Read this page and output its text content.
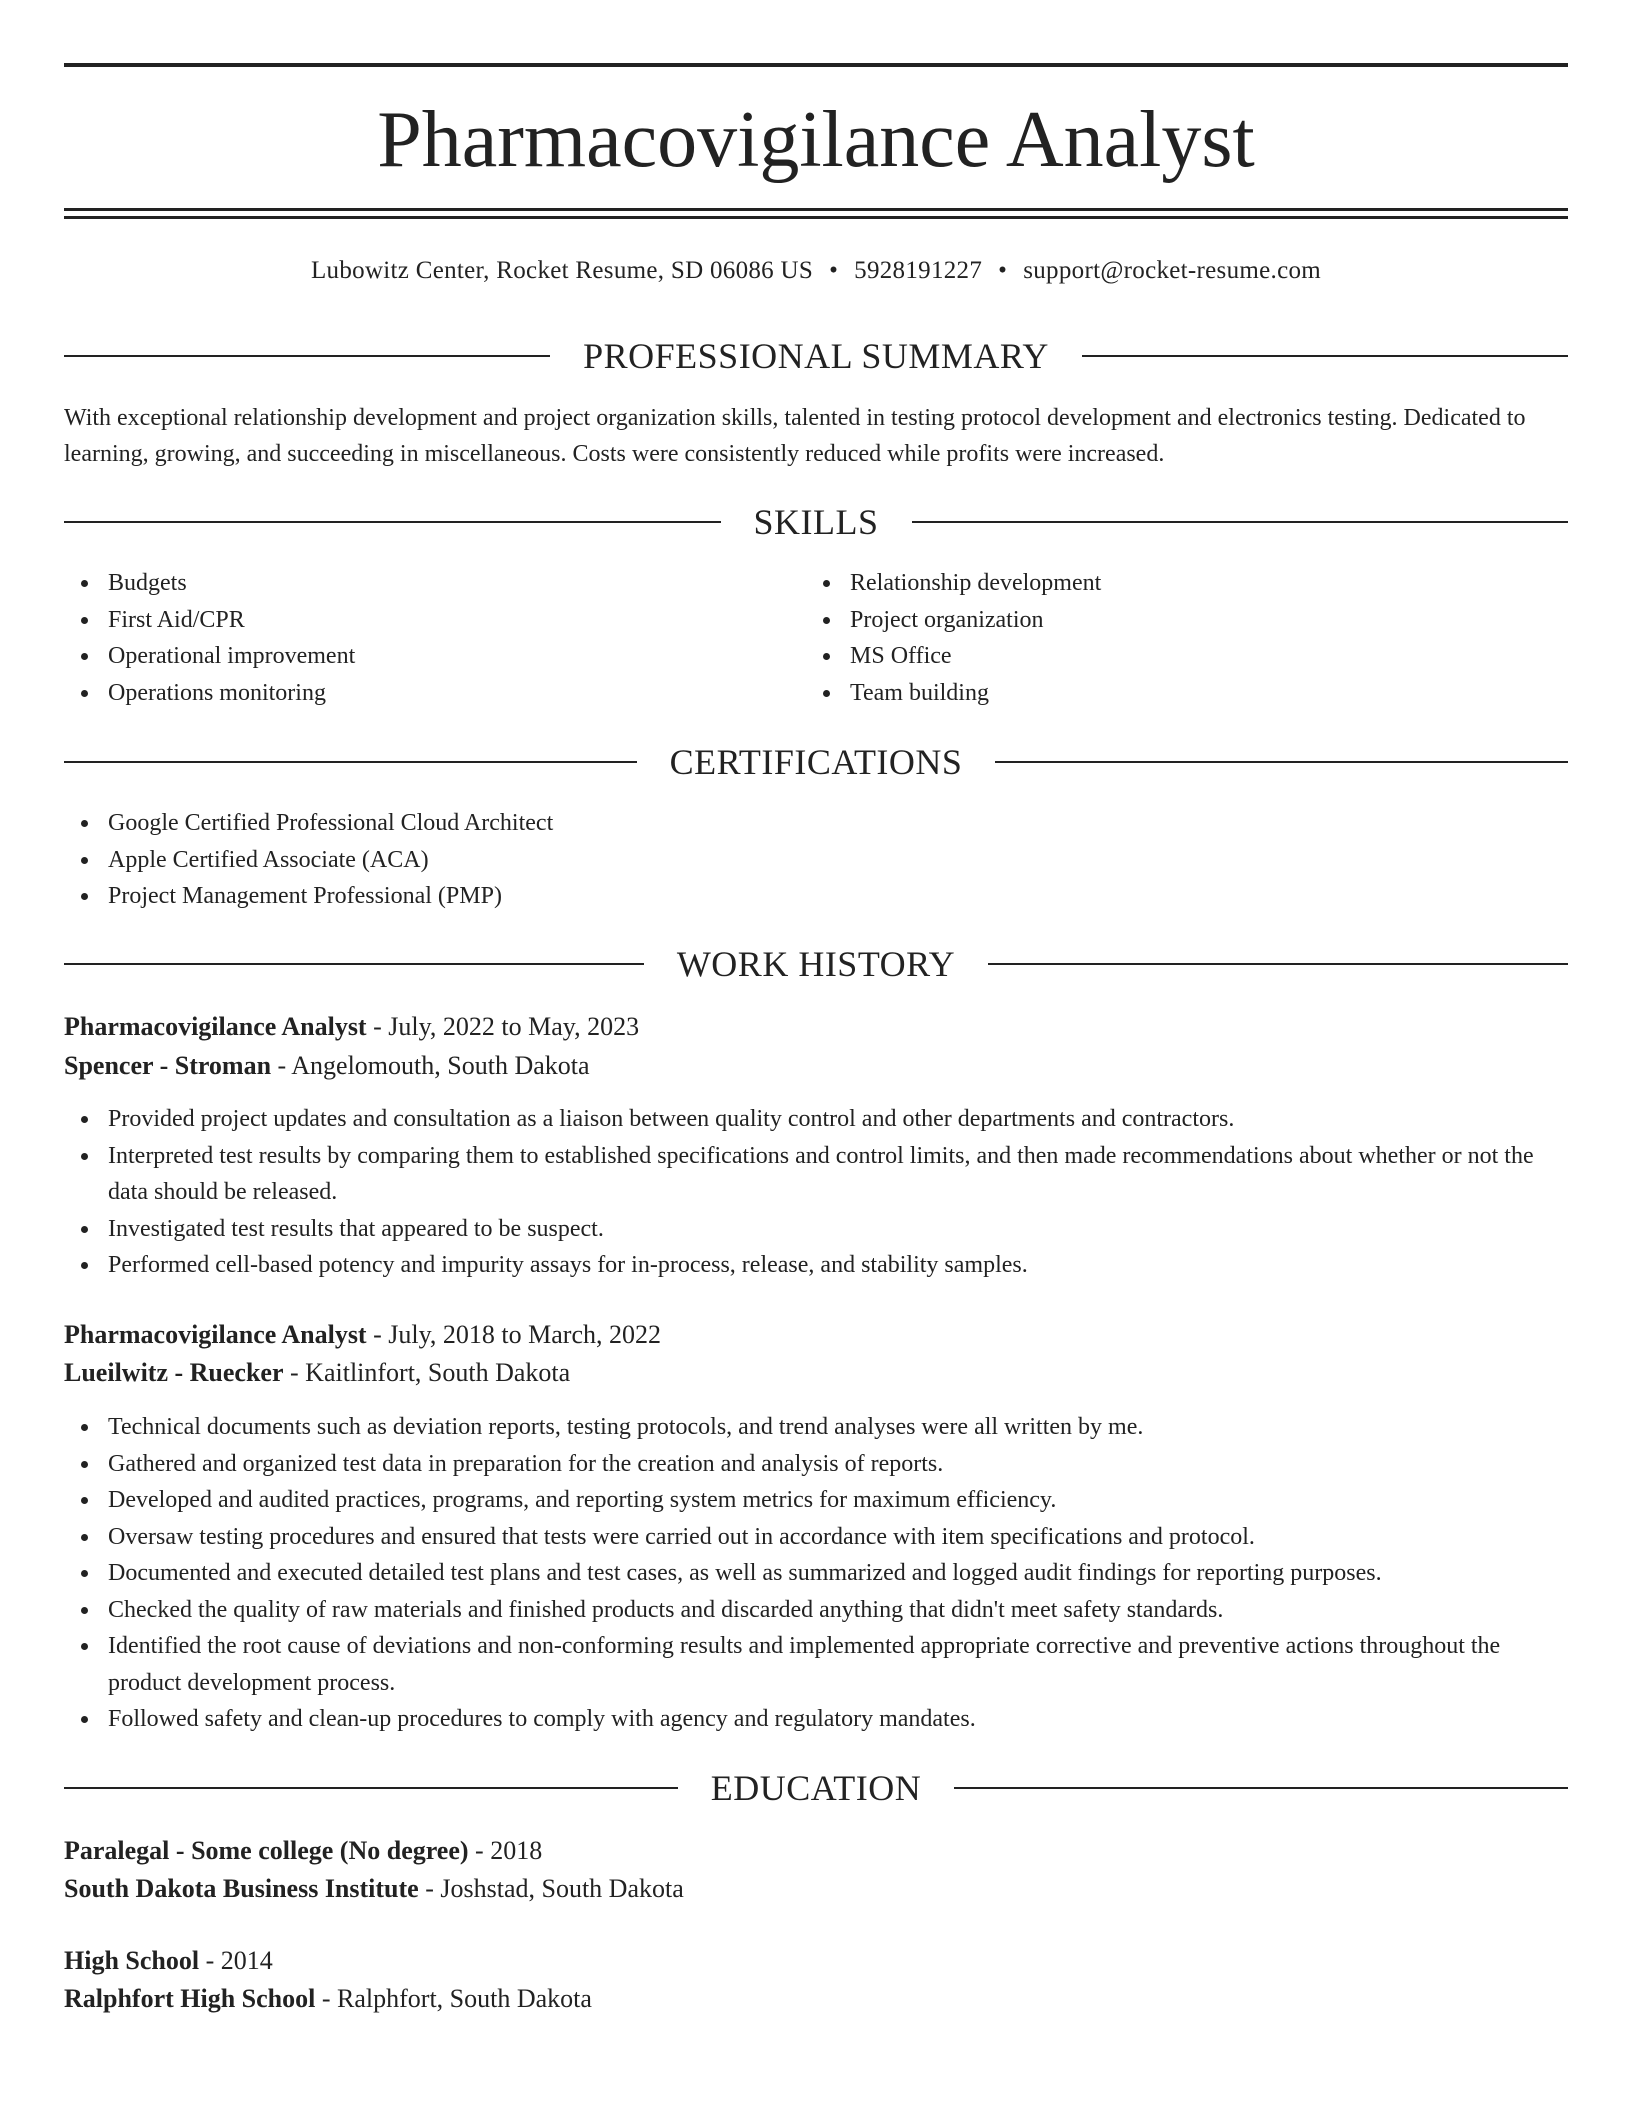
Pharmacovigilance Analyst
Lubowitz Center, Rocket Resume, SD 06086 US • 5928191227 • support@rocket-resume.com
PROFESSIONAL SUMMARY

With exceptional relationship development and project organization skills, talented in testing protocol development and electronics testing. Dedicated to learning, growing, and succeeding in miscellaneous. Costs were consistently reduced while profits were increased.

SKILLS
Budgets
First Aid/CPR
Operational improvement
Operations monitoring
Relationship development
Project organization
MS Office
Team building
CERTIFICATIONS
Google Certified Professional Cloud Architect
Apple Certified Associate (ACA)
Project Management Professional (PMP)
WORK HISTORY
Pharmacovigilance Analyst - July, 2022 to May, 2023
Spencer - Stroman - Angelomouth, South Dakota
Provided project updates and consultation as a liaison between quality control and other departments and contractors.
Interpreted test results by comparing them to established specifications and control limits, and then made recommendations about whether or not the data should be released.
Investigated test results that appeared to be suspect.
Performed cell-based potency and impurity assays for in-process, release, and stability samples.
Pharmacovigilance Analyst - July, 2018 to March, 2022
Lueilwitz - Ruecker - Kaitlinfort, South Dakota
Technical documents such as deviation reports, testing protocols, and trend analyses were all written by me.
Gathered and organized test data in preparation for the creation and analysis of reports.
Developed and audited practices, programs, and reporting system metrics for maximum efficiency.
Oversaw testing procedures and ensured that tests were carried out in accordance with item specifications and protocol.
Documented and executed detailed test plans and test cases, as well as summarized and logged audit findings for reporting purposes.
Checked the quality of raw materials and finished products and discarded anything that didn't meet safety standards.
Identified the root cause of deviations and non-conforming results and implemented appropriate corrective and preventive actions throughout the product development process.
Followed safety and clean-up procedures to comply with agency and regulatory mandates.
EDUCATION
Paralegal - Some college (No degree) - 2018
South Dakota Business Institute - Joshstad, South Dakota
High School - 2014
Ralphfort High School - Ralphfort, South Dakota
